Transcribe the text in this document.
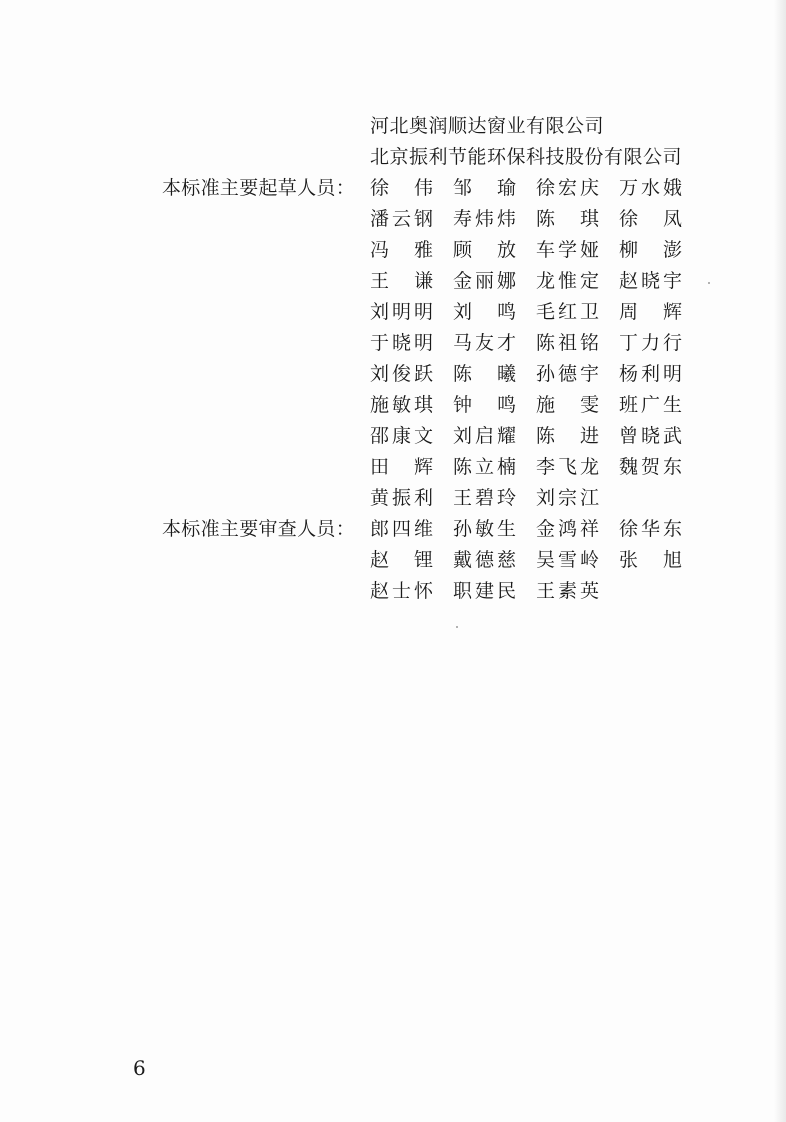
河北奥润顺达窗业有限公司
北京振利节能环保科技股份有限公司
本标准主要起草人员： 徐伟 邹瑜 徐宏庆 万水娥
潘云钢 寿炜炜 陈琪 徐凤
冯雅 顾放 车学娅 柳澎
王谦 金丽娜 龙惟定 赵晓宇
刘明明 刘鸣 毛红卫 周辉
于晓明 马友才 陈祖铭 丁力行
刘俊跃 陈曦 孙德宇 杨利明
施敏琪 钟鸣 施雯 班广生
邵康文 刘启耀 陈进 曾晓武
田辉 陈立楠 李飞龙 魏贺东
黄振利 王碧玲 刘宗江
本标准主要审查人员： 郎四维 孙敏生 金鸿祥 徐华东
赵锂 戴德慈 吴雪岭 张旭
赵士怀 职建民 王素英
6
